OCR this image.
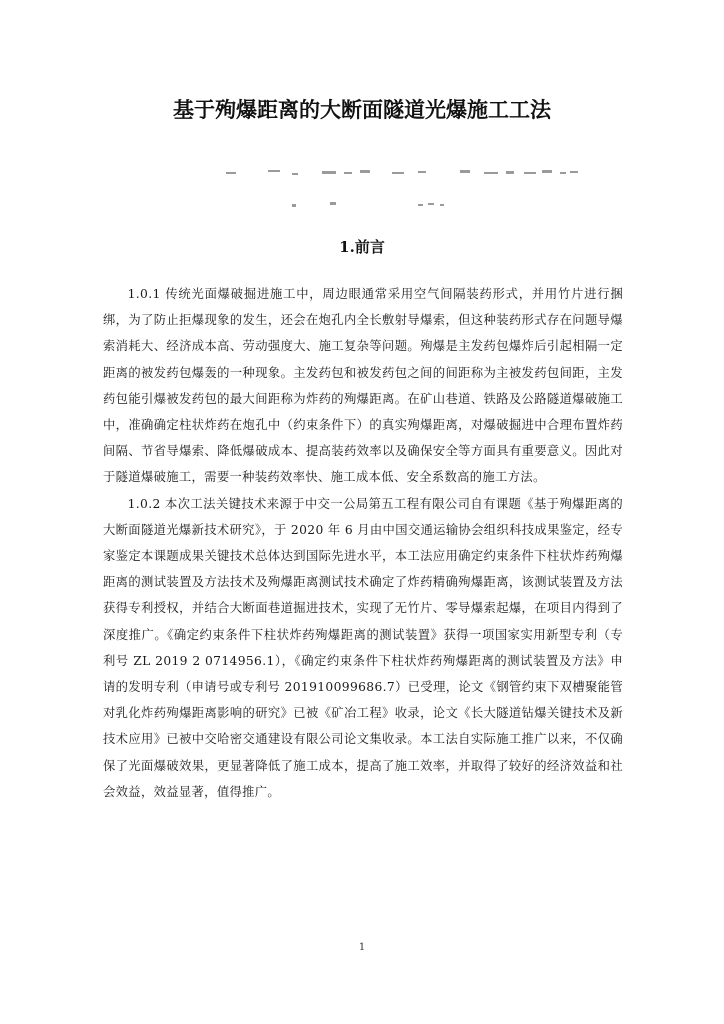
基于殉爆距离的大断面隧道光爆施工工法
1.前言

1.0.1 传统光面爆破掘进施工中，周边眼通常采用空气间隔装药形式，并用竹片进行捆绑，为了防止拒爆现象的发生，还会在炮孔内全长敷射导爆索，但这种装药形式存在问题导爆索消耗大、经济成本高、劳动强度大、施工复杂等问题。殉爆是主发药包爆炸后引起相隔一定距离的被发药包爆轰的一种现象。主发药包和被发药包之间的间距称为主被发药包间距，主发药包能引爆被发药包的最大间距称为炸药的殉爆距离。在矿山巷道、铁路及公路隧道爆破施工中，准确确定柱状炸药在炮孔中（约束条件下）的真实殉爆距离，对爆破掘进中合理布置炸药间隔、节省导爆索、降低爆破成本、提高装药效率以及确保安全等方面具有重要意义。因此对于隧道爆破施工，需要一种装药效率快、施工成本低、安全系数高的施工方法。

1.0.2 本次工法关键技术来源于中交一公局第五工程有限公司自有课题《基于殉爆距离的大断面隧道光爆新技术研究》，于 2020 年 6 月由中国交通运输协会组织科技成果鉴定，经专家鉴定本课题成果关键技术总体达到国际先进水平，本工法应用确定约束条件下柱状炸药殉爆距离的测试装置及方法技术及殉爆距离测试技术确定了炸药精确殉爆距离，该测试装置及方法获得专利授权，并结合大断面巷道掘进技术，实现了无竹片、零导爆索起爆，在项目内得到了深度推广。《确定约束条件下柱状炸药殉爆距离的测试装置》获得一项国家实用新型专利（专利号 ZL 2019 2 0714956.1），《确定约束条件下柱状炸药殉爆距离的测试装置及方法》申请的发明专利（申请号或专利号 201910099686.7）已受理，论文《钢管约束下双槽聚能管对乳化炸药殉爆距离影响的研究》已被《矿冶工程》收录，论文《长大隧道钻爆关键技术及新技术应用》已被中交哈密交通建设有限公司论文集收录。本工法自实际施工推广以来，不仅确保了光面爆破效果，更显著降低了施工成本，提高了施工效率，并取得了较好的经济效益和社会效益，效益显著，值得推广。

1
